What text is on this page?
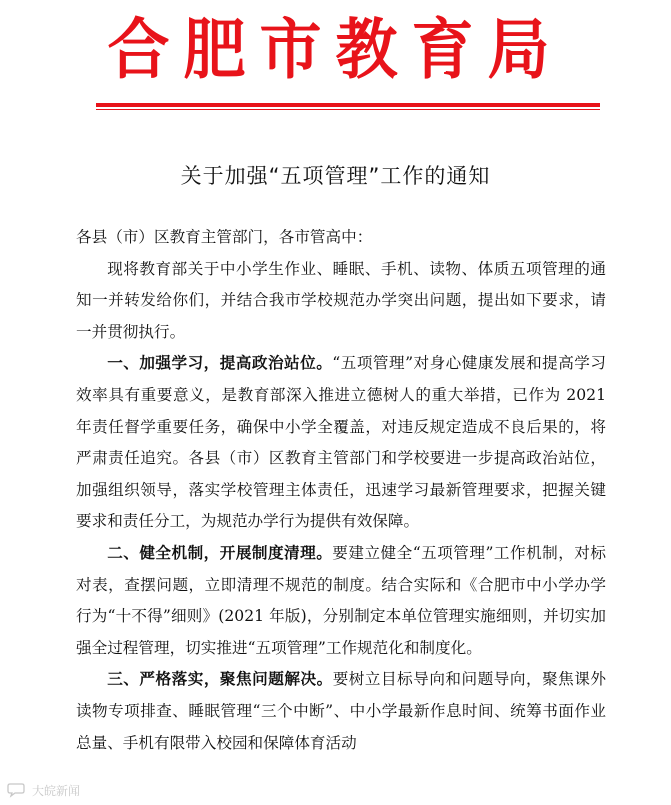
合肥市教育局
关于加强“五项管理”工作的通知

各县（市）区教育主管部门，各市管高中：

现将教育部关于中小学生作业、睡眠、手机、读物、体质五项管理的通知一并转发给你们，并结合我市学校规范办学突出问题，提出如下要求，请一并贯彻执行。

一、加强学习，提高政治站位。“五项管理”对身心健康发展和提高学习效率具有重要意义，是教育部深入推进立德树人的重大举措，已作为 2021 年责任督学重要任务，确保中小学全覆盖，对违反规定造成不良后果的，将严肃责任追究。各县（市）区教育主管部门和学校要进一步提高政治站位，加强组织领导，落实学校管理主体责任，迅速学习最新管理要求，把握关键要求和责任分工，为规范办学行为提供有效保障。

二、健全机制，开展制度清理。要建立健全“五项管理”工作机制，对标对表，查摆问题，立即清理不规范的制度。结合实际和《合肥市中小学办学行为“十不得”细则》(2021 年版)，分别制定本单位管理实施细则，并切实加强全过程管理，切实推进“五项管理”工作规范化和制度化。

三、严格落实，聚焦问题解决。要树立目标导向和问题导向，聚焦课外读物专项排查、睡眠管理“三个中断”、中小学最新作息时间、统筹书面作业总量、手机有限带入校园和保障体育活动

大皖新闻
